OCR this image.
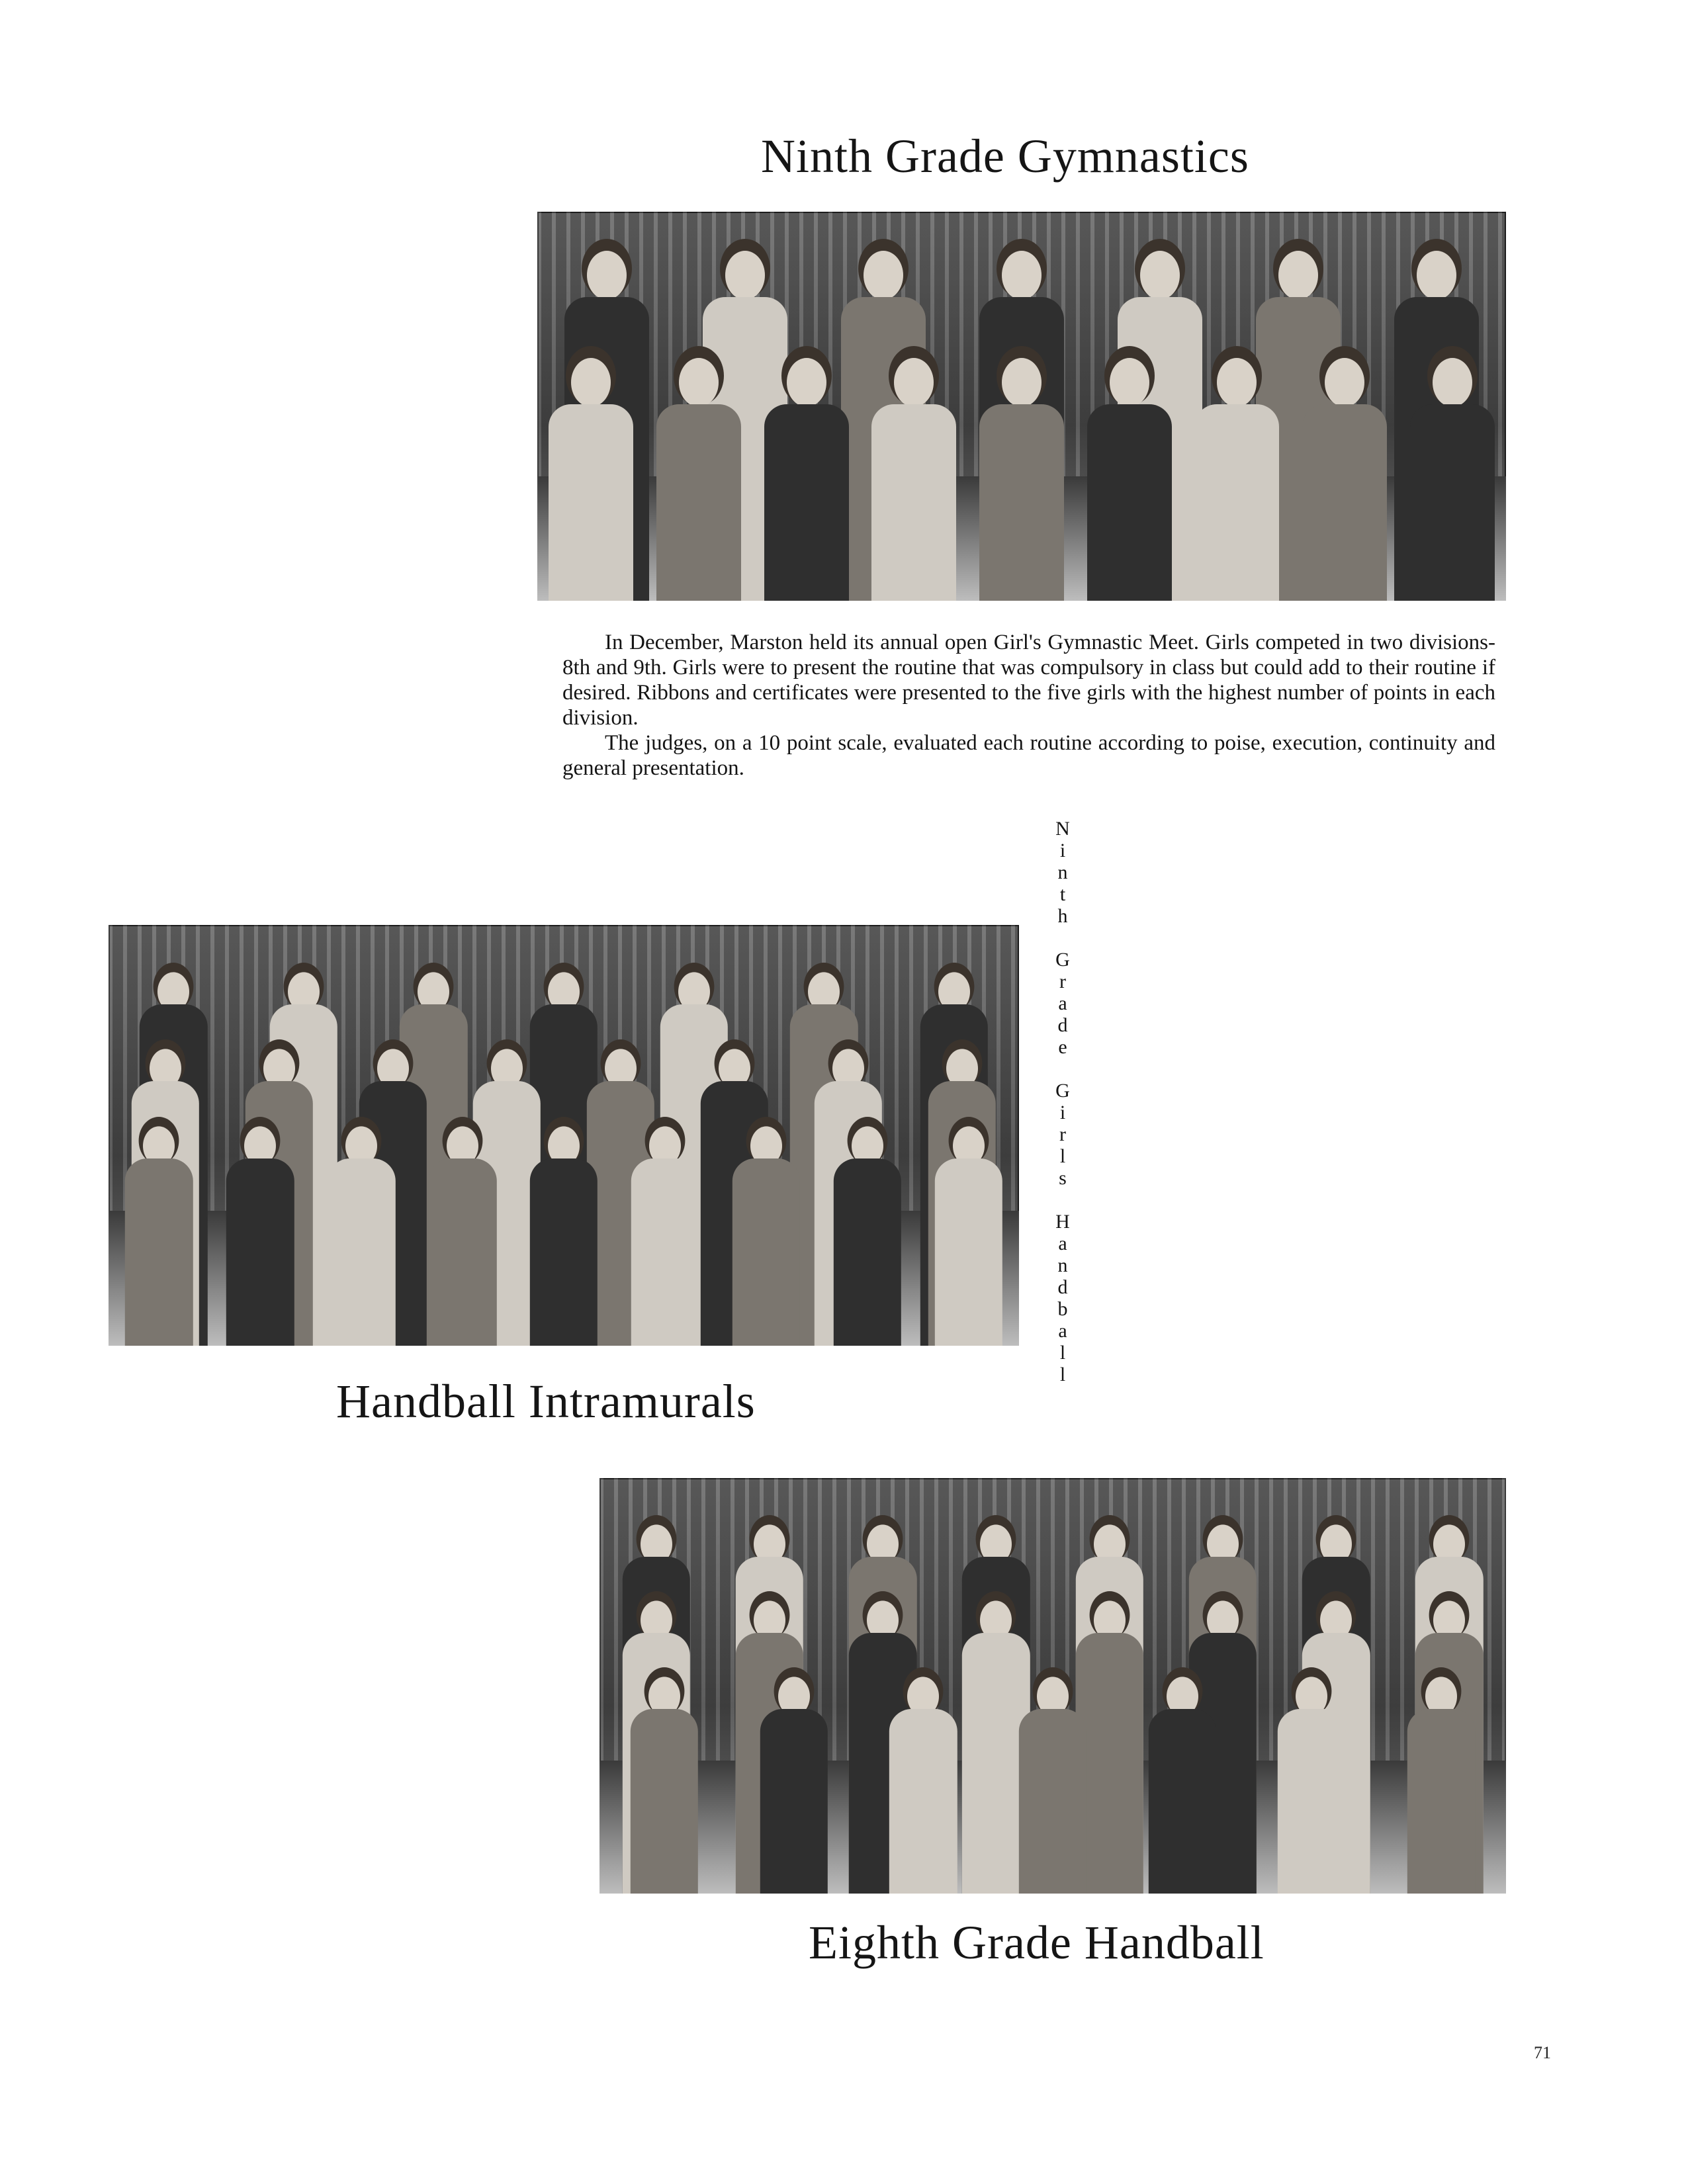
Ninth Grade Gymnastics

In December, Marston held its annual open Girl's Gymnastic Meet. Girls competed in two divisions-8th and 9th. Girls were to present the routine that was compulsory in class but could add to their routine if desired. Ribbons and certificates were presented to the five girls with the highest number of points in each division.

The judges, on a 10 point scale, evaluated each routine according to poise, execution, continuity and general presentation.

N
i
n
t
h
G
r
a
d
e
G
i
r
l
s
H
a
n
d
b
a
l
l
Handball Intramurals
Eighth Grade Handball
71
